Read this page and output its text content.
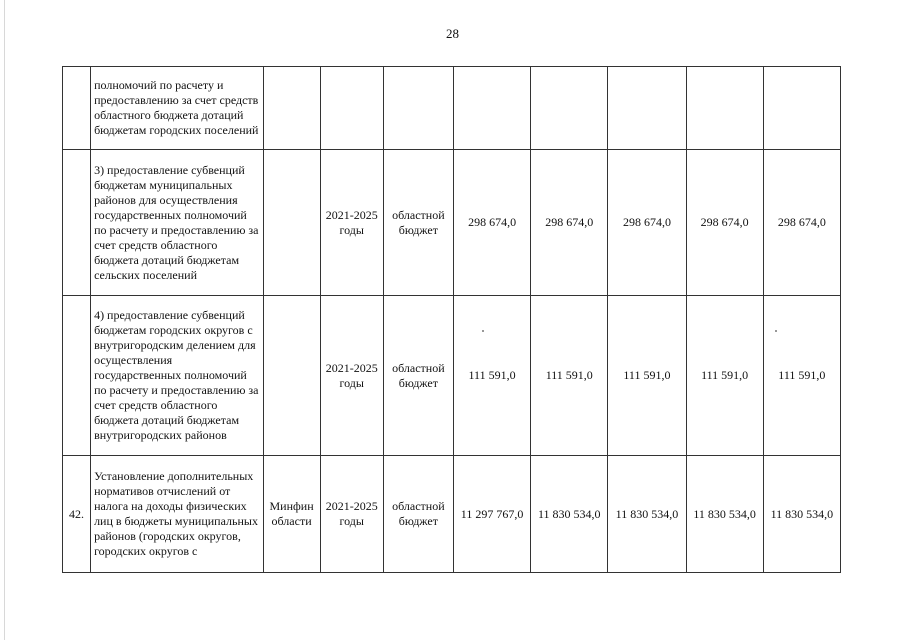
28
	полномочий по расчету и предоставлению за счет средств областного бюджета дотаций бюджетам городских поселений								
	3) предоставление субвенций бюджетам муниципальных районов для осуществления государственных полномочий по расчету и предоставлению за счет средств областного бюджета дотаций бюджетам сельских поселений		2021-2025 годы	областной бюджет	298 674,0	298 674,0	298 674,0	298 674,0	298 674,0
	4) предоставление субвенций бюджетам городских округов с внутригородским делением для осуществления государственных полномочий по расчету и предоставлению за счет средств областного бюджета дотаций бюджетам внутригородских районов		2021-2025 годы	областной бюджет	111 591,0	111 591,0	111 591,0	111 591,0	111 591,0
42.	Установление дополнительных нормативов отчислений от налога на доходы физических лиц в бюджеты муниципальных районов (городских округов, городских округов с	Минфин области	2021-2025 годы	областной бюджет	11 297 767,0	11 830 534,0	11 830 534,0	11 830 534,0	11 830 534,0
